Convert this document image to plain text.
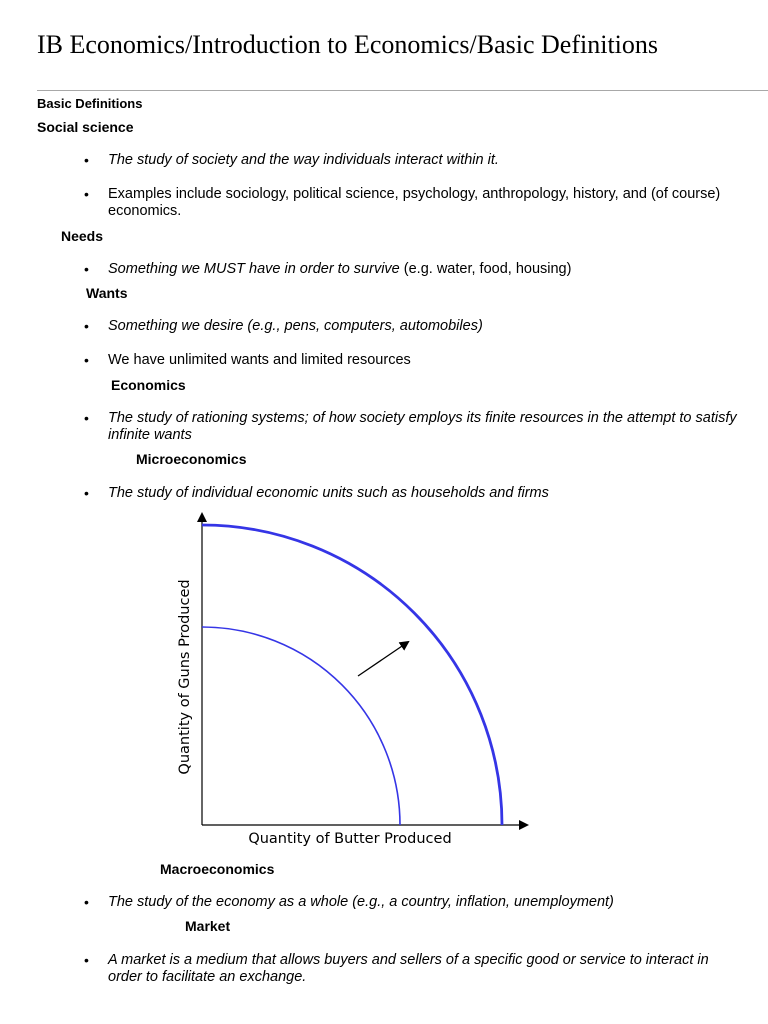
IB Economics/Introduction to Economics/Basic Definitions
Basic Definitions
Social science
• The study of society and the way individuals interact within it.
• Examples include sociology, political science, psychology, anthropology, history, and (of course) economics.
Needs
• Something we MUST have in order to survive (e.g. water, food, housing)
Wants
• Something we desire (e.g., pens, computers, automobiles)
• We have unlimited wants and limited resources
Economics
• The study of rationing systems; of how society employs its finite resources in the attempt to satisfy infinite wants
Microeconomics
• The study of individual economic units such as households and firms
Quantity of Butter Produced
Quantity of Guns Produced
Macroeconomics
• The study of the economy as a whole (e.g., a country, inflation, unemployment)
Market
• A market is a medium that allows buyers and sellers of a specific good or service to interact in order to facilitate an exchange.
